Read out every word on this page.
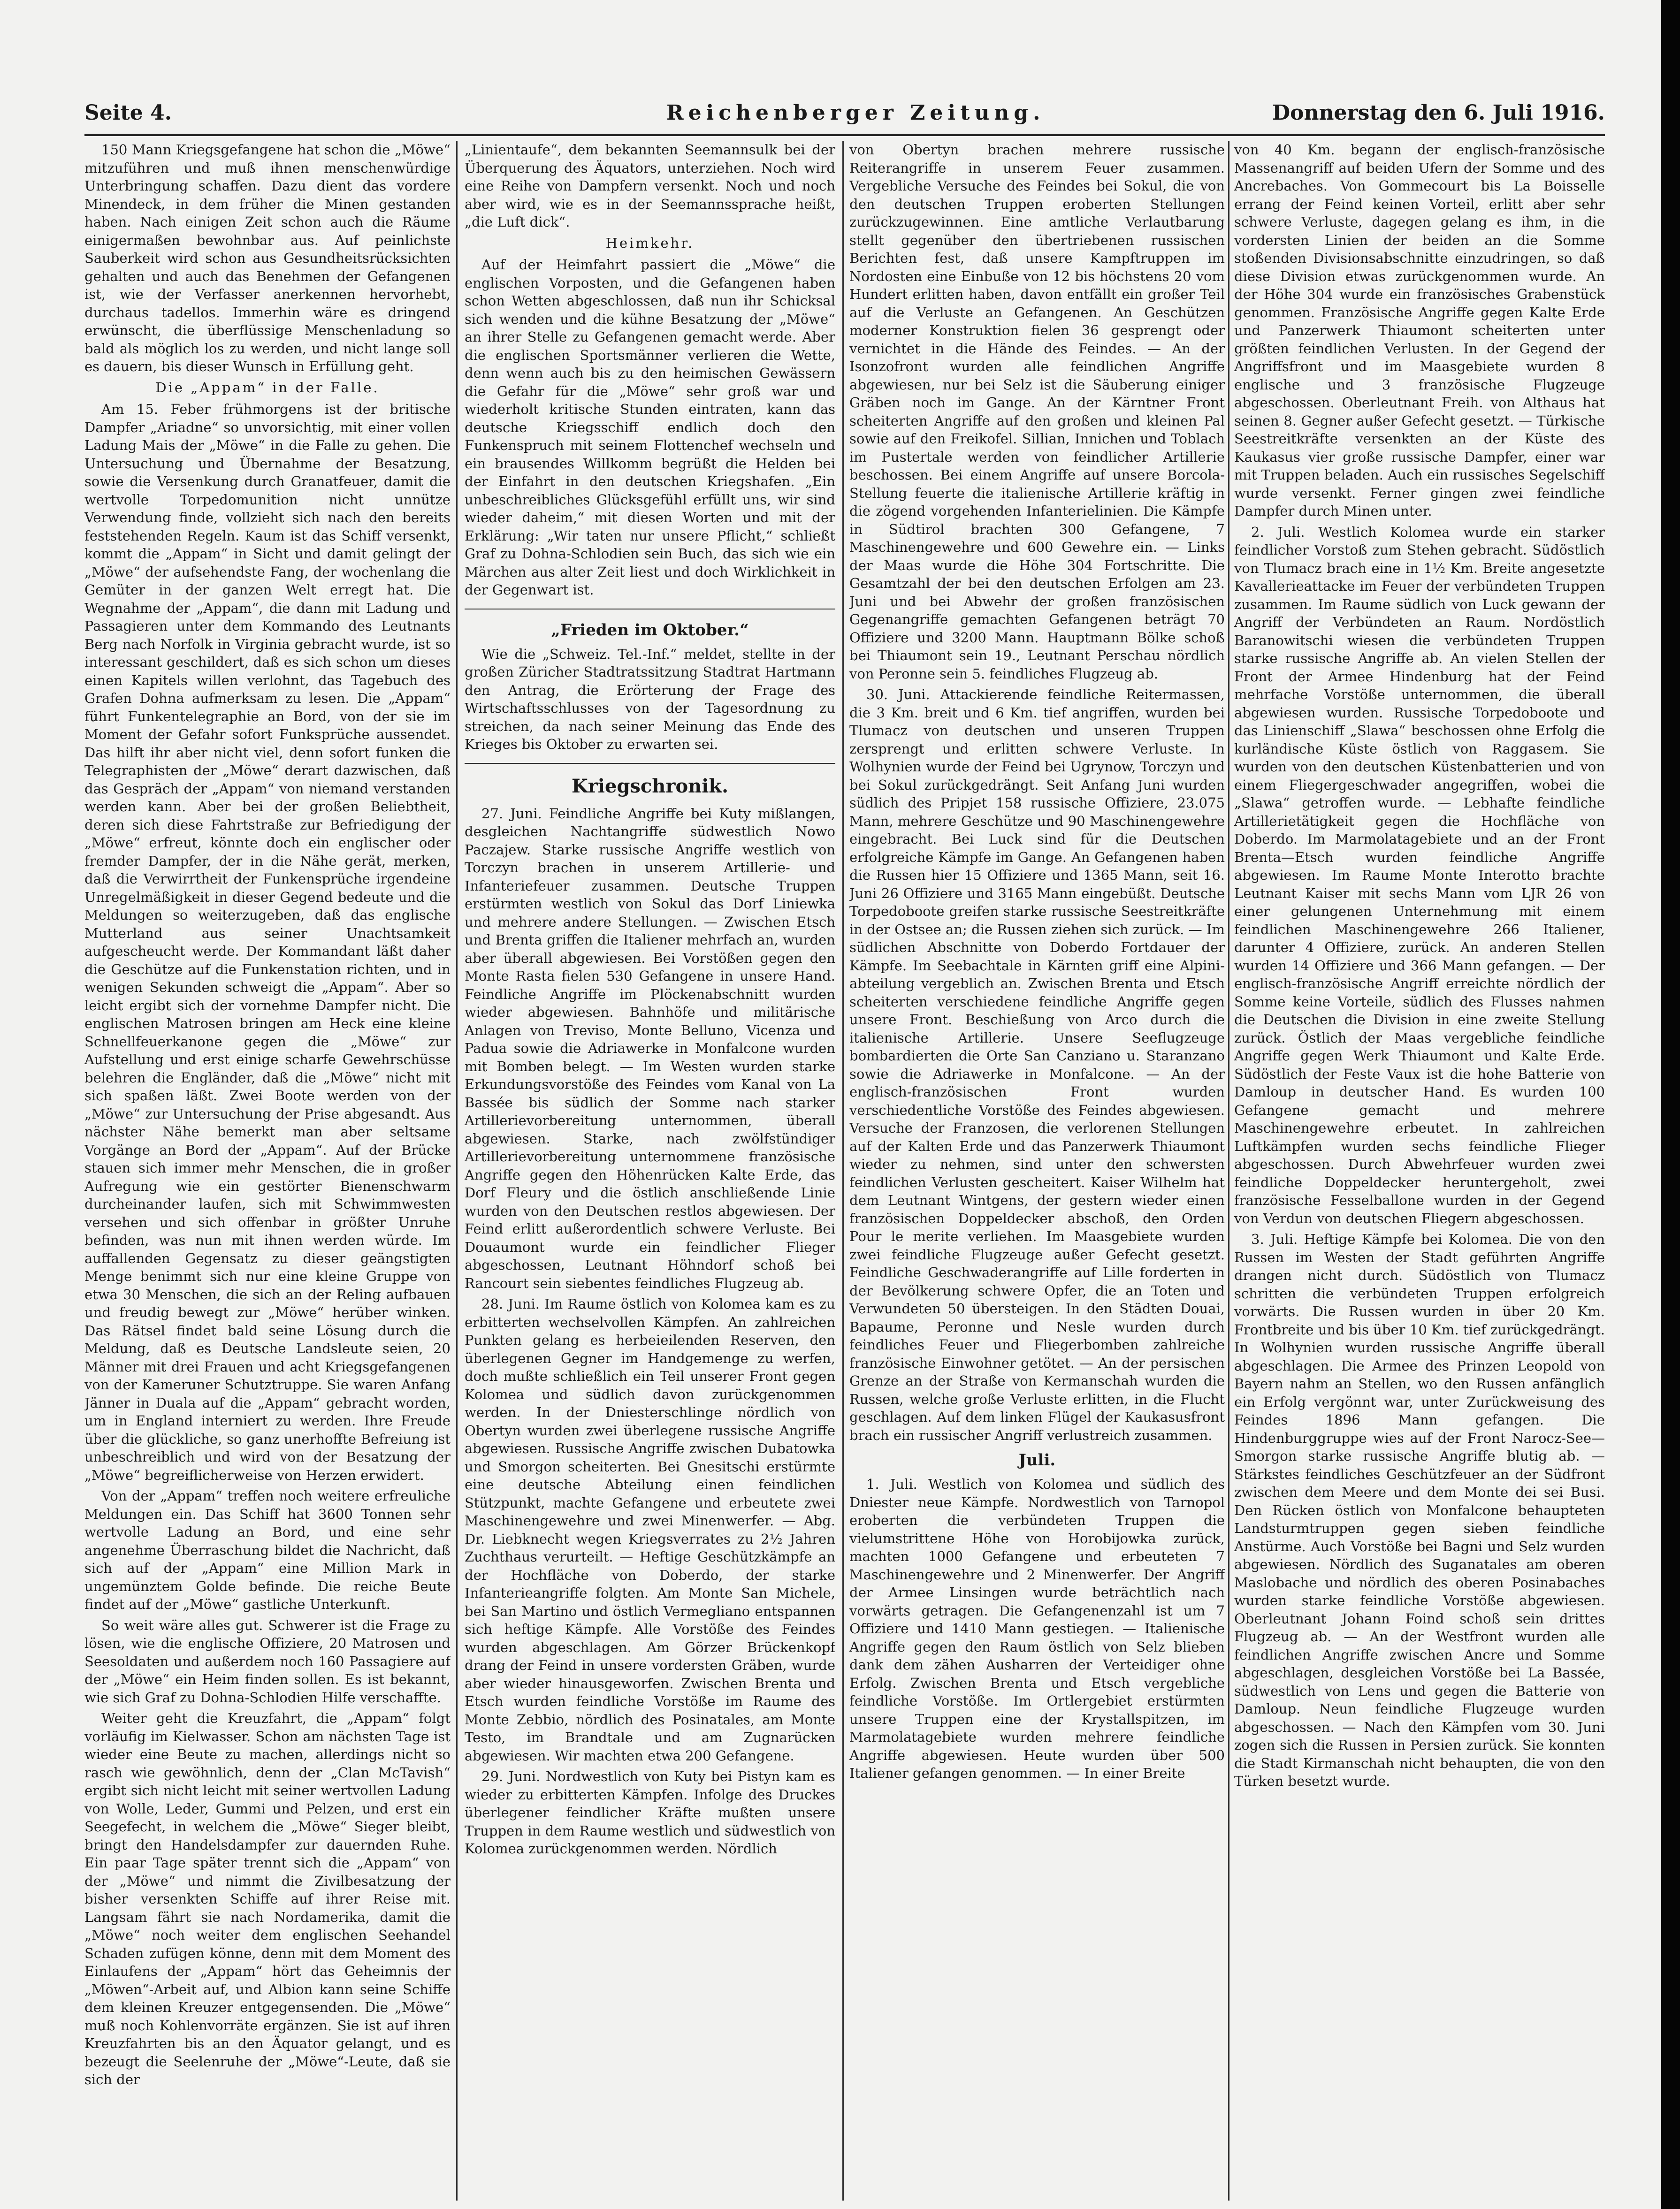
Seite 4.	Reichenberger Zeitung.	Donnerstag den 6. Juli 1916.

150 Mann Kriegsgefangene hat schon die „Möwe“ mitzuführen und muß ihnen menschenwürdige Unterbringung schaffen. Dazu dient das vordere Minendeck, in dem früher die Minen gestanden haben. Nach einigen Zeit schon auch die Räume einigermaßen bewohnbar aus. Auf peinlichste Sauberkeit wird schon aus Gesundheitsrücksichten gehalten und auch das Benehmen der Gefangenen ist, wie der Verfasser anerkennen hervorhebt, durchaus tadellos. Immerhin wäre es dringend erwünscht, die überflüssige Menschenladung so bald als möglich los zu werden, und nicht lange soll es dauern, bis dieser Wunsch in Erfüllung geht.

Die „Appam“ in der Falle.

Am 15. Feber frühmorgens ist der britische Dampfer „Ariadne“ so unvorsichtig, mit einer vollen Ladung Mais der „Möwe“ in die Falle zu gehen. Die Untersuchung und Übernahme der Besatzung, sowie die Versenkung durch Granatfeuer, damit die wertvolle Torpedomunition nicht unnütze Verwendung finde, vollzieht sich nach den bereits feststehenden Regeln. Kaum ist das Schiff versenkt, kommt die „Appam“ in Sicht und damit gelingt der „Möwe“ der aufsehendste Fang, der wochenlang die Gemüter in der ganzen Welt erregt hat. Die Wegnahme der „Appam“, die dann mit Ladung und Passagieren unter dem Kommando des Leutnants Berg nach Norfolk in Virginia gebracht wurde, ist so interessant geschildert, daß es sich schon um dieses einen Kapitels willen verlohnt, das Tagebuch des Grafen Dohna aufmerksam zu lesen. Die „Appam“ führt Funkentelegraphie an Bord, von der sie im Moment der Gefahr sofort Funksprüche aussendet. Das hilft ihr aber nicht viel, denn sofort funken die Telegraphisten der „Möwe“ derart dazwischen, daß das Gespräch der „Appam“ von niemand verstanden werden kann. Aber bei der großen Beliebtheit, deren sich diese Fahrtstraße zur Befriedigung der „Möwe“ erfreut, könnte doch ein englischer oder fremder Dampfer, der in die Nähe gerät, merken, daß die Verwirrtheit der Funkensprüche irgendeine Unregelmäßigkeit in dieser Gegend bedeute und die Meldungen so weiterzugeben, daß das englische Mutterland aus seiner Unachtsamkeit aufgescheucht werde. Der Kommandant läßt daher die Geschütze auf die Funkenstation richten, und in wenigen Sekunden schweigt die „Appam“. Aber so leicht ergibt sich der vornehme Dampfer nicht. Die englischen Matrosen bringen am Heck eine kleine Schnellfeuerkanone gegen die „Möwe“ zur Aufstellung und erst einige scharfe Gewehrschüsse belehren die Engländer, daß die „Möwe“ nicht mit sich spaßen läßt. Zwei Boote werden von der „Möwe“ zur Untersuchung der Prise abgesandt. Aus nächster Nähe bemerkt man aber seltsame Vorgänge an Bord der „Appam“. Auf der Brücke stauen sich immer mehr Menschen, die in großer Aufregung wie ein gestörter Bienenschwarm durcheinander laufen, sich mit Schwimmwesten versehen und sich offenbar in größter Unruhe befinden, was nun mit ihnen werden würde. Im auffallenden Gegensatz zu dieser geängstigten Menge benimmt sich nur eine kleine Gruppe von etwa 30 Menschen, die sich an der Reling aufbauen und freudig bewegt zur „Möwe“ herüber winken. Das Rätsel findet bald seine Lösung durch die Meldung, daß es Deutsche Landsleute seien, 20 Männer mit drei Frauen und acht Kriegsgefangenen von der Kameruner Schutztruppe. Sie waren Anfang Jänner in Duala auf die „Appam“ gebracht worden, um in England interniert zu werden. Ihre Freude über die glückliche, so ganz unerhoffte Befreiung ist unbeschreiblich und wird von der Besatzung der „Möwe“ begreiflicherweise von Herzen erwidert.

Von der „Appam“ treffen noch weitere erfreuliche Meldungen ein. Das Schiff hat 3600 Tonnen sehr wertvolle Ladung an Bord, und eine sehr angenehme Überraschung bildet die Nachricht, daß sich auf der „Appam“ eine Million Mark in ungemünztem Golde befinde. Die reiche Beute findet auf der „Möwe“ gastliche Unterkunft.

So weit wäre alles gut. Schwerer ist die Frage zu lösen, wie die englische Offiziere, 20 Matrosen und Seesoldaten und außerdem noch 160 Passagiere auf der „Möwe“ ein Heim finden sollen. Es ist bekannt, wie sich Graf zu Dohna-Schlodien Hilfe verschaffte.

Weiter geht die Kreuzfahrt, die „Appam“ folgt vorläufig im Kielwasser. Schon am nächsten Tage ist wieder eine Beute zu machen, allerdings nicht so rasch wie gewöhnlich, denn der „Clan McTavish“ ergibt sich nicht leicht mit seiner wertvollen Ladung von Wolle, Leder, Gummi und Pelzen, und erst ein Seegefecht, in welchem die „Möwe“ Sieger bleibt, bringt den Handelsdampfer zur dauernden Ruhe. Ein paar Tage später trennt sich die „Appam“ von der „Möwe“ und nimmt die Zivilbesatzung der bisher versenkten Schiffe auf ihrer Reise mit. Langsam fährt sie nach Nordamerika, damit die „Möwe“ noch weiter dem englischen Seehandel Schaden zufügen könne, denn mit dem Moment des Einlaufens der „Appam“ hört das Geheimnis der „Möwen“-Arbeit auf, und Albion kann seine Schiffe dem kleinen Kreuzer entgegensenden. Die „Möwe“ muß noch Kohlenvorräte ergänzen. Sie ist auf ihren Kreuzfahrten bis an den Äquator gelangt, und es bezeugt die Seelenruhe der „Möwe“-Leute, daß sie sich der

„Linientaufe“, dem bekannten Seemannsulk bei der Überquerung des Äquators, unterziehen. Noch wird eine Reihe von Dampfern versenkt. Noch und noch aber wird, wie es in der Seemannssprache heißt, „die Luft dick“.

Heimkehr.

Auf der Heimfahrt passiert die „Möwe“ die englischen Vorposten, und die Gefangenen haben schon Wetten abgeschlossen, daß nun ihr Schicksal sich wenden und die kühne Besatzung der „Möwe“ an ihrer Stelle zu Gefangenen gemacht werde. Aber die englischen Sportsmänner verlieren die Wette, denn wenn auch bis zu den heimischen Gewässern die Gefahr für die „Möwe“ sehr groß war und wiederholt kritische Stunden eintraten, kann das deutsche Kriegsschiff endlich doch den Funkenspruch mit seinem Flottenchef wechseln und ein brausendes Willkomm begrüßt die Helden bei der Einfahrt in den deutschen Kriegshafen. „Ein unbeschreibliches Glücksgefühl erfüllt uns, wir sind wieder daheim,“ mit diesen Worten und mit der Erklärung: „Wir taten nur unsere Pflicht,“ schließt Graf zu Dohna-Schlodien sein Buch, das sich wie ein Märchen aus alter Zeit liest und doch Wirklichkeit in der Gegenwart ist.

„Frieden im Oktober.“

Wie die „Schweiz. Tel.-Inf.“ meldet, stellte in der großen Züricher Stadtratssitzung Stadtrat Hartmann den Antrag, die Erörterung der Frage des Wirtschaftsschlusses von der Tagesordnung zu streichen, da nach seiner Meinung das Ende des Krieges bis Oktober zu erwarten sei.

Kriegschronik.

27. Juni. Feindliche Angriffe bei Kuty mißlangen, desgleichen Nachtangriffe südwestlich Nowo Paczajew. Starke russische Angriffe westlich von Torczyn brachen in unserem Artillerie- und Infanteriefeuer zusammen. Deutsche Truppen erstürmten westlich von Sokul das Dorf Liniewka und mehrere andere Stellungen. — Zwischen Etsch und Brenta griffen die Italiener mehrfach an, wurden aber überall abgewiesen. Bei Vorstößen gegen den Monte Rasta fielen 530 Gefangene in unsere Hand. Feindliche Angriffe im Plöckenabschnitt wurden wieder abgewiesen. Bahnhöfe und militärische Anlagen von Treviso, Monte Belluno, Vicenza und Padua sowie die Adriawerke in Monfalcone wurden mit Bomben belegt. — Im Westen wurden starke Erkundungsvorstöße des Feindes vom Kanal von La Bassée bis südlich der Somme nach starker Artillerievorbereitung unternommen, überall abgewiesen. Starke, nach zwölfstündiger Artillerievorbereitung unternommene französische Angriffe gegen den Höhenrücken Kalte Erde, das Dorf Fleury und die östlich anschließende Linie wurden von den Deutschen restlos abgewiesen. Der Feind erlitt außerordentlich schwere Verluste. Bei Douaumont wurde ein feindlicher Flieger abgeschossen, Leutnant Höhndorf schoß bei Rancourt sein siebentes feindliches Flugzeug ab.

28. Juni. Im Raume östlich von Kolomea kam es zu erbitterten wechselvollen Kämpfen. An zahlreichen Punkten gelang es herbeieilenden Reserven, den überlegenen Gegner im Handgemenge zu werfen, doch mußte schließlich ein Teil unserer Front gegen Kolomea und südlich davon zurückgenommen werden. In der Dniesterschlinge nördlich von Obertyn wurden zwei überlegene russische Angriffe abgewiesen. Russische Angriffe zwischen Dubatowka und Smorgon scheiterten. Bei Gnesitschi erstürmte eine deutsche Abteilung einen feindlichen Stützpunkt, machte Gefangene und erbeutete zwei Maschinengewehre und zwei Minenwerfer. — Abg. Dr. Liebknecht wegen Kriegsverrates zu 2½ Jahren Zuchthaus verurteilt. — Heftige Geschützkämpfe an der Hochfläche von Doberdo, der starke Infanterieangriffe folgten. Am Monte San Michele, bei San Martino und östlich Vermegliano entspannen sich heftige Kämpfe. Alle Vorstöße des Feindes wurden abgeschlagen. Am Görzer Brückenkopf drang der Feind in unsere vordersten Gräben, wurde aber wieder hinausgeworfen. Zwischen Brenta und Etsch wurden feindliche Vorstöße im Raume des Monte Zebbio, nördlich des Posinatales, am Monte Testo, im Brandtale und am Zugnarücken abgewiesen. Wir machten etwa 200 Gefangene.

29. Juni. Nordwestlich von Kuty bei Pistyn kam es wieder zu erbitterten Kämpfen. Infolge des Druckes überlegener feindlicher Kräfte mußten unsere Truppen in dem Raume westlich und südwestlich von Kolomea zurückgenommen werden. Nördlich

von Obertyn brachen mehrere russische Reiterangriffe in unserem Feuer zusammen. Vergebliche Versuche des Feindes bei Sokul, die von den deutschen Truppen eroberten Stellungen zurückzugewinnen. Eine amtliche Verlautbarung stellt gegenüber den übertriebenen russischen Berichten fest, daß unsere Kampftruppen im Nordosten eine Einbuße von 12 bis höchstens 20 vom Hundert erlitten haben, davon entfällt ein großer Teil auf die Verluste an Gefangenen. An Geschützen moderner Konstruktion fielen 36 gesprengt oder vernichtet in die Hände des Feindes. — An der Isonzofront wurden alle feindlichen Angriffe abgewiesen, nur bei Selz ist die Säuberung einiger Gräben noch im Gange. An der Kärntner Front scheiterten Angriffe auf den großen und kleinen Pal sowie auf den Freikofel. Sillian, Innichen und Toblach im Pustertale werden von feindlicher Artillerie beschossen. Bei einem Angriffe auf unsere Borcola-Stellung feuerte die italienische Artillerie kräftig in die zögend vorgehenden Infanterielinien. Die Kämpfe in Südtirol brachten 300 Gefangene, 7 Maschinengewehre und 600 Gewehre ein. — Links der Maas wurde die Höhe 304 Fortschritte. Die Gesamtzahl der bei den deutschen Erfolgen am 23. Juni und bei Abwehr der großen französischen Gegenangriffe gemachten Gefangenen beträgt 70 Offiziere und 3200 Mann. Hauptmann Bölke schoß bei Thiaumont sein 19., Leutnant Perschau nördlich von Peronne sein 5. feindliches Flugzeug ab.

30. Juni. Attackierende feindliche Reitermassen, die 3 Km. breit und 6 Km. tief angriffen, wurden bei Tlumacz von deutschen und unseren Truppen zersprengt und erlitten schwere Verluste. In Wolhynien wurde der Feind bei Ugrynow, Torczyn und bei Sokul zurückgedrängt. Seit Anfang Juni wurden südlich des Pripjet 158 russische Offiziere, 23.075 Mann, mehrere Geschütze und 90 Maschinengewehre eingebracht. Bei Luck sind für die Deutschen erfolgreiche Kämpfe im Gange. An Gefangenen haben die Russen hier 15 Offiziere und 1365 Mann, seit 16. Juni 26 Offiziere und 3165 Mann eingebüßt. Deutsche Torpedoboote greifen starke russische Seestreitkräfte in der Ostsee an; die Russen ziehen sich zurück. — Im südlichen Abschnitte von Doberdo Fortdauer der Kämpfe. Im Seebachtale in Kärnten griff eine Alpini-abteilung vergeblich an. Zwischen Brenta und Etsch scheiterten verschiedene feindliche Angriffe gegen unsere Front. Beschießung von Arco durch die italienische Artillerie. Unsere Seeflugzeuge bombardierten die Orte San Canziano u. Staranzano sowie die Adriawerke in Monfalcone. — An der englisch-französischen Front wurden verschiedentliche Vorstöße des Feindes abgewiesen. Versuche der Franzosen, die verlorenen Stellungen auf der Kalten Erde und das Panzerwerk Thiaumont wieder zu nehmen, sind unter den schwersten feindlichen Verlusten gescheitert. Kaiser Wilhelm hat dem Leutnant Wintgens, der gestern wieder einen französischen Doppeldecker abschoß, den Orden Pour le merite verliehen. Im Maasgebiete wurden zwei feindliche Flugzeuge außer Gefecht gesetzt. Feindliche Geschwaderangriffe auf Lille forderten in der Bevölkerung schwere Opfer, die an Toten und Verwundeten 50 übersteigen. In den Städten Douai, Bapaume, Peronne und Nesle wurden durch feindliches Feuer und Fliegerbomben zahlreiche französische Einwohner getötet. — An der persischen Grenze an der Straße von Kermanschah wurden die Russen, welche große Verluste erlitten, in die Flucht geschlagen. Auf dem linken Flügel der Kaukasusfront brach ein russischer Angriff verlustreich zusammen.

Juli.

1. Juli. Westlich von Kolomea und südlich des Dniester neue Kämpfe. Nordwestlich von Tarnopol eroberten die verbündeten Truppen die vielumstrittene Höhe von Horobijowka zurück, machten 1000 Gefangene und erbeuteten 7 Maschinengewehre und 2 Minenwerfer. Der Angriff der Armee Linsingen wurde beträchtlich nach vorwärts getragen. Die Gefangenenzahl ist um 7 Offiziere und 1410 Mann gestiegen. — Italienische Angriffe gegen den Raum östlich von Selz blieben dank dem zähen Ausharren der Verteidiger ohne Erfolg. Zwischen Brenta und Etsch vergebliche feindliche Vorstöße. Im Ortlergebiet erstürmten unsere Truppen eine der Krystallspitzen, im Marmolatagebiete wurden mehrere feindliche Angriffe abgewiesen. Heute wurden über 500 Italiener gefangen genommen. — In einer Breite

von 40 Km. begann der englisch-französische Massenangriff auf beiden Ufern der Somme und des Ancrebaches. Von Gommecourt bis La Boisselle errang der Feind keinen Vorteil, erlitt aber sehr schwere Verluste, dagegen gelang es ihm, in die vordersten Linien der beiden an die Somme stoßenden Divisionsabschnitte einzudringen, so daß diese Division etwas zurückgenommen wurde. An der Höhe 304 wurde ein französisches Grabenstück genommen. Französische Angriffe gegen Kalte Erde und Panzerwerk Thiaumont scheiterten unter größten feindlichen Verlusten. In der Gegend der Angriffsfront und im Maasgebiete wurden 8 englische und 3 französische Flugzeuge abgeschossen. Oberleutnant Freih. von Althaus hat seinen 8. Gegner außer Gefecht gesetzt. — Türkische Seestreitkräfte versenkten an der Küste des Kaukasus vier große russische Dampfer, einer war mit Truppen beladen. Auch ein russisches Segelschiff wurde versenkt. Ferner gingen zwei feindliche Dampfer durch Minen unter.

2. Juli. Westlich Kolomea wurde ein starker feindlicher Vorstoß zum Stehen gebracht. Südöstlich von Tlumacz brach eine in 1½ Km. Breite angesetzte Kavallerieattacke im Feuer der verbündeten Truppen zusammen. Im Raume südlich von Luck gewann der Angriff der Verbündeten an Raum. Nordöstlich Baranowitschi wiesen die verbündeten Truppen starke russische Angriffe ab. An vielen Stellen der Front der Armee Hindenburg hat der Feind mehrfache Vorstöße unternommen, die überall abgewiesen wurden. Russische Torpedoboote und das Linienschiff „Slawa“ beschossen ohne Erfolg die kurländische Küste östlich von Raggasem. Sie wurden von den deutschen Küstenbatterien und von einem Fliegergeschwader angegriffen, wobei die „Slawa“ getroffen wurde. — Lebhafte feindliche Artillerietätigkeit gegen die Hochfläche von Doberdo. Im Marmolatagebiete und an der Front Brenta—Etsch wurden feindliche Angriffe abgewiesen. Im Raume Monte Interotto brachte Leutnant Kaiser mit sechs Mann vom LJR 26 von einer gelungenen Unternehmung mit einem feindlichen Maschinengewehre 266 Italiener, darunter 4 Offiziere, zurück. An anderen Stellen wurden 14 Offiziere und 366 Mann gefangen. — Der englisch-französische Angriff erreichte nördlich der Somme keine Vorteile, südlich des Flusses nahmen die Deutschen die Division in eine zweite Stellung zurück. Östlich der Maas vergebliche feindliche Angriffe gegen Werk Thiaumont und Kalte Erde. Südöstlich der Feste Vaux ist die hohe Batterie von Damloup in deutscher Hand. Es wurden 100 Gefangene gemacht und mehrere Maschinengewehre erbeutet. In zahlreichen Luftkämpfen wurden sechs feindliche Flieger abgeschossen. Durch Abwehrfeuer wurden zwei feindliche Doppeldecker heruntergeholt, zwei französische Fesselballone wurden in der Gegend von Verdun von deutschen Fliegern abgeschossen.

3. Juli. Heftige Kämpfe bei Kolomea. Die von den Russen im Westen der Stadt geführten Angriffe drangen nicht durch. Südöstlich von Tlumacz schritten die verbündeten Truppen erfolgreich vorwärts. Die Russen wurden in über 20 Km. Frontbreite und bis über 10 Km. tief zurückgedrängt. In Wolhynien wurden russische Angriffe überall abgeschlagen. Die Armee des Prinzen Leopold von Bayern nahm an Stellen, wo den Russen anfänglich ein Erfolg vergönnt war, unter Zurückweisung des Feindes 1896 Mann gefangen. Die Hindenburggruppe wies auf der Front Narocz-See—Smorgon starke russische Angriffe blutig ab. — Stärkstes feindliches Geschützfeuer an der Südfront zwischen dem Meere und dem Monte dei sei Busi. Den Rücken östlich von Monfalcone behaupteten Landsturmtruppen gegen sieben feindliche Anstürme. Auch Vorstöße bei Bagni und Selz wurden abgewiesen. Nördlich des Suganatales am oberen Maslobache und nördlich des oberen Posinabaches wurden starke feindliche Vorstöße abgewiesen. Oberleutnant Johann Foind schoß sein drittes Flugzeug ab. — An der Westfront wurden alle feindlichen Angriffe zwischen Ancre und Somme abgeschlagen, desgleichen Vorstöße bei La Bassée, südwestlich von Lens und gegen die Batterie von Damloup. Neun feindliche Flugzeuge wurden abgeschossen. — Nach den Kämpfen vom 30. Juni zogen sich die Russen in Persien zurück. Sie konnten die Stadt Kirmanschah nicht behaupten, die von den Türken besetzt wurde.
